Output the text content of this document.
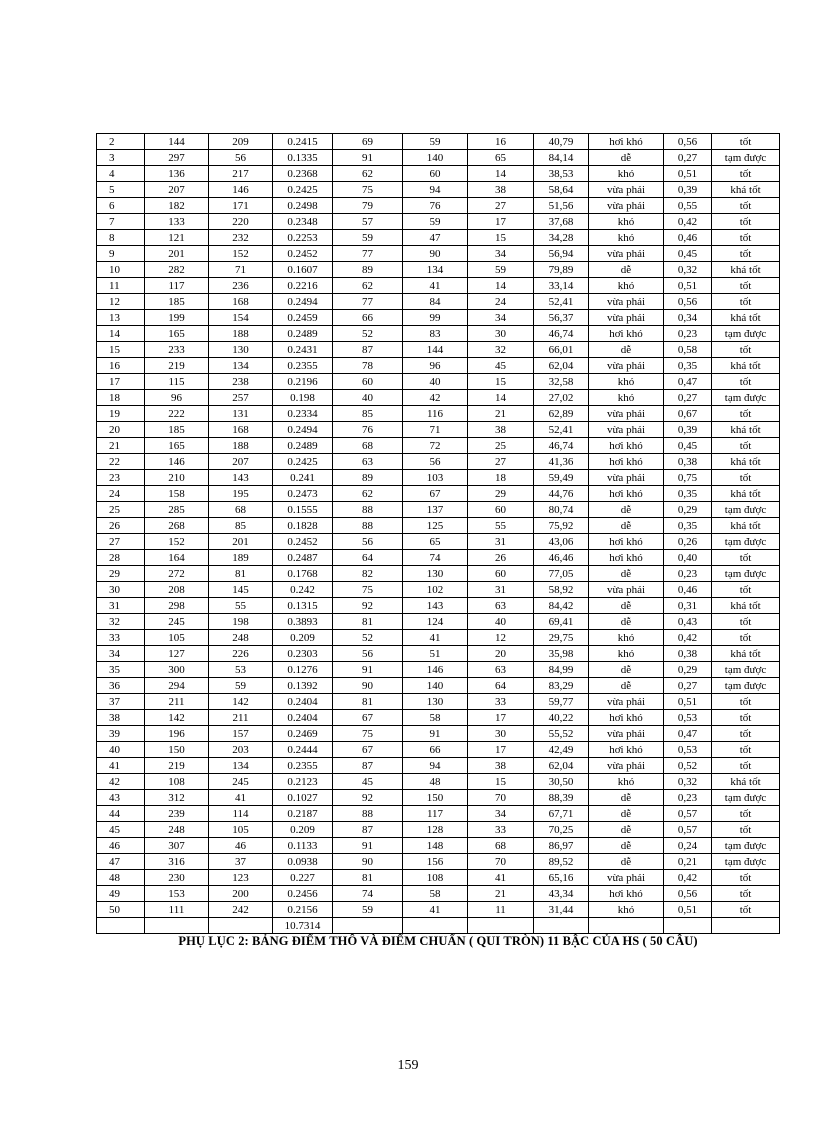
2	144	209	0.2415	69	59	16	40,79	hơi khó	0,56	tốt
3	297	56	0.1335	91	140	65	84,14	dễ	0,27	tạm được
4	136	217	0.2368	62	60	14	38,53	khó	0,51	tốt
5	207	146	0.2425	75	94	38	58,64	vừa phải	0,39	khá tốt
6	182	171	0.2498	79	76	27	51,56	vừa phải	0,55	tốt
7	133	220	0.2348	57	59	17	37,68	khó	0,42	tốt
8	121	232	0.2253	59	47	15	34,28	khó	0,46	tốt
9	201	152	0.2452	77	90	34	56,94	vừa phải	0,45	tốt
10	282	71	0.1607	89	134	59	79,89	dễ	0,32	khá tốt
11	117	236	0.2216	62	41	14	33,14	khó	0,51	tốt
12	185	168	0.2494	77	84	24	52,41	vừa phải	0,56	tốt
13	199	154	0.2459	66	99	34	56,37	vừa phải	0,34	khá tốt
14	165	188	0.2489	52	83	30	46,74	hơi khó	0,23	tạm được
15	233	130	0.2431	87	144	32	66,01	dễ	0,58	tốt
16	219	134	0.2355	78	96	45	62,04	vừa phải	0,35	khá tốt
17	115	238	0.2196	60	40	15	32,58	khó	0,47	tốt
18	96	257	0.198	40	42	14	27,02	khó	0,27	tạm được
19	222	131	0.2334	85	116	21	62,89	vừa phải	0,67	tốt
20	185	168	0.2494	76	71	38	52,41	vừa phải	0,39	khá tốt
21	165	188	0.2489	68	72	25	46,74	hơi khó	0,45	tốt
22	146	207	0.2425	63	56	27	41,36	hơi khó	0,38	khá tốt
23	210	143	0.241	89	103	18	59,49	vừa phải	0,75	tốt
24	158	195	0.2473	62	67	29	44,76	hơi khó	0,35	khá tốt
25	285	68	0.1555	88	137	60	80,74	dễ	0,29	tạm được
26	268	85	0.1828	88	125	55	75,92	dễ	0,35	khá tốt
27	152	201	0.2452	56	65	31	43,06	hơi khó	0,26	tạm được
28	164	189	0.2487	64	74	26	46,46	hơi khó	0,40	tốt
29	272	81	0.1768	82	130	60	77,05	dễ	0,23	tạm được
30	208	145	0.242	75	102	31	58,92	vừa phải	0,46	tốt
31	298	55	0.1315	92	143	63	84,42	dễ	0,31	khá tốt
32	245	198	0.3893	81	124	40	69,41	dễ	0,43	tốt
33	105	248	0.209	52	41	12	29,75	khó	0,42	tốt
34	127	226	0.2303	56	51	20	35,98	khó	0,38	khá tốt
35	300	53	0.1276	91	146	63	84,99	dễ	0,29	tạm được
36	294	59	0.1392	90	140	64	83,29	dễ	0,27	tạm được
37	211	142	0.2404	81	130	33	59,77	vừa phải	0,51	tốt
38	142	211	0.2404	67	58	17	40,22	hơi khó	0,53	tốt
39	196	157	0.2469	75	91	30	55,52	vừa phải	0,47	tốt
40	150	203	0.2444	67	66	17	42,49	hơi khó	0,53	tốt
41	219	134	0.2355	87	94	38	62,04	vừa phải	0,52	tốt
42	108	245	0.2123	45	48	15	30,50	khó	0,32	khá tốt
43	312	41	0.1027	92	150	70	88,39	dễ	0,23	tạm được
44	239	114	0.2187	88	117	34	67,71	dễ	0,57	tốt
45	248	105	0.209	87	128	33	70,25	dễ	0,57	tốt
46	307	46	0.1133	91	148	68	86,97	dễ	0,24	tạm được
47	316	37	0.0938	90	156	70	89,52	dễ	0,21	tạm được
48	230	123	0.227	81	108	41	65,16	vừa phải	0,42	tốt
49	153	200	0.2456	74	58	21	43,34	hơi khó	0,56	tốt
50	111	242	0.2156	59	41	11	31,44	khó	0,51	tốt
			10.7314							
PHỤ LỤC 2: BẢNG ĐIỂM THÔ VÀ ĐIỂM CHUẨN ( QUI TRÒN) 11 BẬC CỦA HS ( 50 CÂU)
159
